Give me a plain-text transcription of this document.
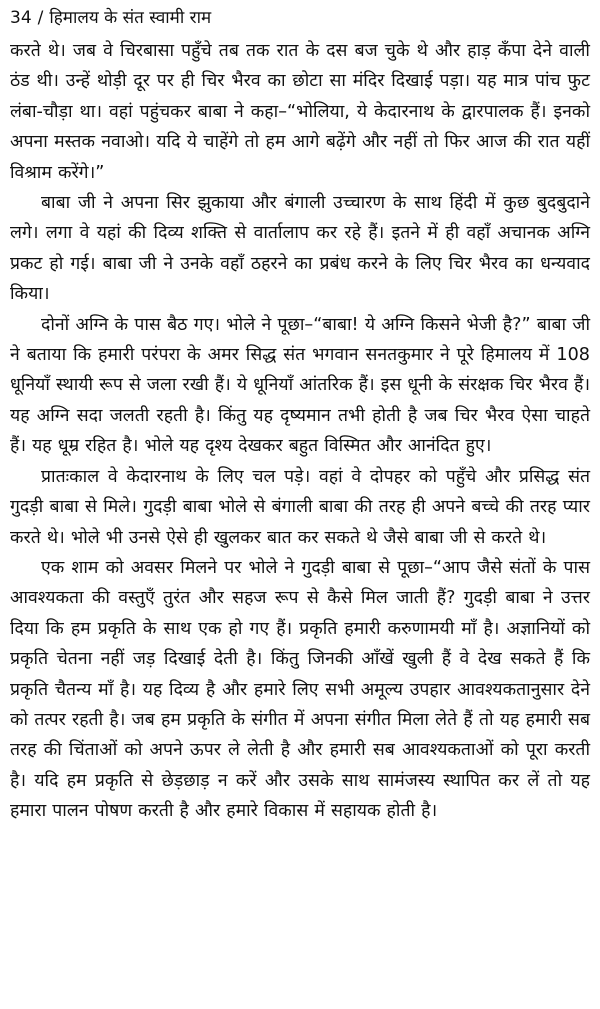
34 / हिमालय के संत स्वामी राम

करते थे। जब वे चिरबासा पहुँचे तब तक रात के दस बज चुके थे और हाड़ कँपा देने वाली ठंड थी। उन्हें थोड़ी दूर पर ही चिर भैरव का छोटा सा मंदिर दिखाई पड़ा। यह मात्र पांच फुट लंबा-चौड़ा था। वहां पहुंचकर बाबा ने कहा–“भोलिया, ये केदारनाथ के द्वारपालक हैं। इनको अपना मस्तक नवाओ। यदि ये चाहेंगे तो हम आगे बढ़ेंगे और नहीं तो फिर आज की रात यहीं विश्राम करेंगे।”

बाबा जी ने अपना सिर झुकाया और बंगाली उच्चारण के साथ हिंदी में कुछ बुदबुदाने लगे। लगा वे यहां की दिव्य शक्ति से वार्तालाप कर रहे हैं। इतने में ही वहाँ अचानक अग्नि प्रकट हो गई। बाबा जी ने उनके वहाँ ठहरने का प्रबंध करने के लिए चिर भैरव का धन्यवाद किया।

दोनों अग्नि के पास बैठ गए। भोले ने पूछा–“बाबा! ये अग्नि किसने भेजी है?” बाबा जी ने बताया कि हमारी परंपरा के अमर सिद्ध संत भगवान सनतकुमार ने पूरे हिमालय में 108 धूनियाँ स्थायी रूप से जला रखी हैं। ये धूनियाँ आंतरिक हैं। इस धूनी के संरक्षक चिर भैरव हैं। यह अग्नि सदा जलती रहती है। किंतु यह दृष्यमान तभी होती है जब चिर भैरव ऐसा चाहते हैं। यह धूम्र रहित है। भोले यह दृश्य देखकर बहुत विस्मित और आनंदित हुए।

प्रातःकाल वे केदारनाथ के लिए चल पड़े। वहां वे दोपहर को पहुँचे और प्रसिद्ध संत गुदड़ी बाबा से मिले। गुदड़ी बाबा भोले से बंगाली बाबा की तरह ही अपने बच्चे की तरह प्यार करते थे। भोले भी उनसे ऐसे ही खुलकर बात कर सकते थे जैसे बाबा जी से करते थे।

एक शाम को अवसर मिलने पर भोले ने गुदड़ी बाबा से पूछा–“आप जैसे संतों के पास आवश्यकता की वस्तुएँ तुरंत और सहज रूप से कैसे मिल जाती हैं? गुदड़ी बाबा ने उत्तर दिया कि हम प्रकृति के साथ एक हो गए हैं। प्रकृति हमारी करुणामयी माँ है। अज्ञानियों को प्रकृति चेतना नहीं जड़ दिखाई देती है। किंतु जिनकी आँखें खुली हैं वे देख सकते हैं कि प्रकृति चैतन्य माँ है। यह दिव्य है और हमारे लिए सभी अमूल्य उपहार आवश्यकतानुसार देने को तत्पर रहती है। जब हम प्रकृति के संगीत में अपना संगीत मिला लेते हैं तो यह हमारी सब तरह की चिंताओं को अपने ऊपर ले लेती है और हमारी सब आवश्यकताओं को पूरा करती है। यदि हम प्रकृति से छेड़छाड़ न करें और उसके साथ सामंजस्य स्थापित कर लें तो यह हमारा पालन पोषण करती है और हमारे विकास में सहायक होती है।
